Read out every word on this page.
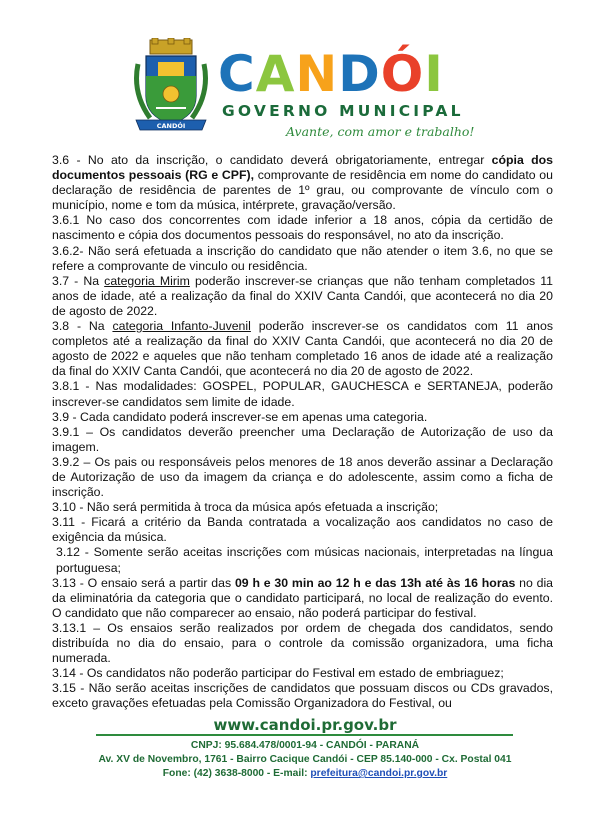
CANDÓI
CANDÓI
GOVERNO MUNICIPAL
Avante, com amor e trabalho!

3.6 - No ato da inscrição, o candidato deverá obrigatoriamente, entregar cópia dos documentos pessoais (RG e CPF), comprovante de residência em nome do candidato ou declaração de residência de parentes de 1º grau, ou comprovante de vínculo com o município, nome e tom da música, intérprete, gravação/versão.

3.6.1 No caso dos concorrentes com idade inferior a 18 anos, cópia da certidão de nascimento e cópia dos documentos pessoais do responsável, no ato da inscrição.

3.6.2- Não será efetuada a inscrição do candidato que não atender o item 3.6, no que se refere a comprovante de vinculo ou residência.

3.7 - Na categoria Mirim poderão inscrever-se crianças que não tenham completados 11 anos de idade, até a realização da final do XXIV Canta Candói, que acontecerá no dia 20 de agosto de 2022.

3.8 - Na categoria Infanto-Juvenil poderão inscrever-se os candidatos com 11 anos completos até a realização da final do XXIV Canta Candói, que acontecerá no dia 20 de agosto de 2022 e aqueles que não tenham completado 16 anos de idade até a realização da final do XXIV Canta Candói, que acontecerá no dia 20 de agosto de 2022.

3.8.1 - Nas modalidades: GOSPEL, POPULAR, GAUCHESCA e SERTANEJA, poderão inscrever-se candidatos sem limite de idade.

3.9 - Cada candidato poderá inscrever-se em apenas uma categoria.

3.9.1 – Os candidatos deverão preencher uma Declaração de Autorização de uso da imagem.

3.9.2 – Os pais ou responsáveis pelos menores de 18 anos deverão assinar a Declaração de Autorização de uso da imagem da criança e do adolescente, assim como a ficha de inscrição.

3.10 - Não será permitida à troca da música após efetuada a inscrição;

3.11 - Ficará a critério da Banda contratada a vocalização aos candidatos no caso de exigência da música.

3.12 - Somente serão aceitas inscrições com músicas nacionais, interpretadas na língua portuguesa;

3.13 - O ensaio será a partir das 09 h e 30 min ao 12 h e das 13h até às 16 horas no dia da eliminatória da categoria que o candidato participará, no local de realização do evento. O candidato que não comparecer ao ensaio, não poderá participar do festival.

3.13.1 – Os ensaios serão realizados por ordem de chegada dos candidatos, sendo distribuída no dia do ensaio, para o controle da comissão organizadora, uma ficha numerada.

3.14 - Os candidatos não poderão participar do Festival em estado de embriaguez;

3.15 - Não serão aceitas inscrições de candidatos que possuam discos ou CDs gravados, exceto gravações efetuadas pela Comissão Organizadora do Festival, ou

www.candoi.pr.gov.br
CNPJ: 95.684.478/0001-94 - CANDÓI - PARANÁ
Av. XV de Novembro, 1761 - Bairro Cacique Candói - CEP 85.140-000 - Cx. Postal 041
Fone: (42) 3638-8000 - E-mail: prefeitura@candoi.pr.gov.br
